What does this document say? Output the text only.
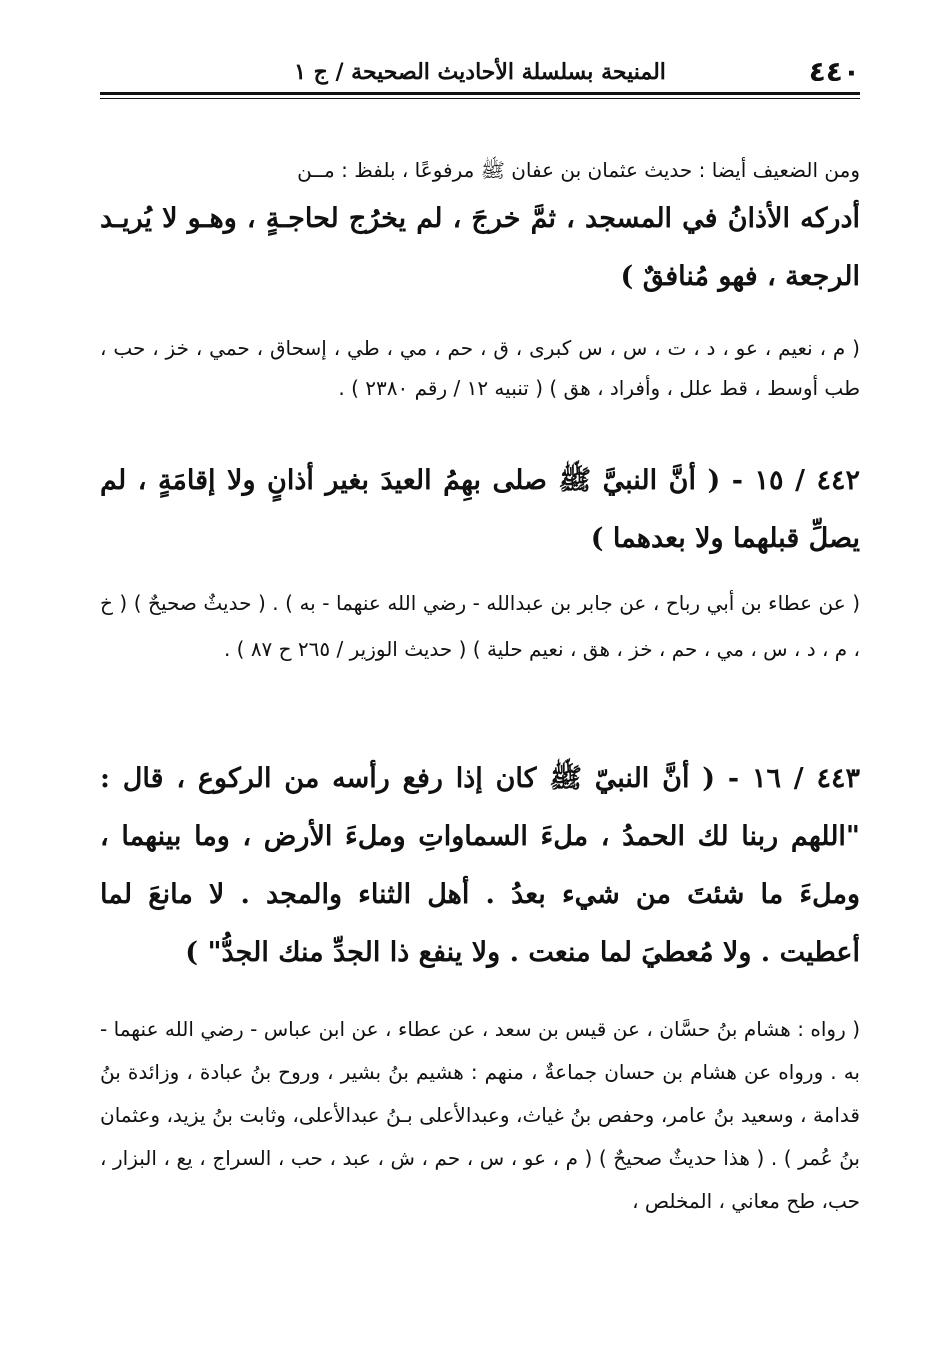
٤٤٠
المنيحة بسلسلة الأحاديث الصحيحة / ج ١

ومن الضعيف أيضا : حديث عثمان بن عفان ﷺ مرفوعًا ، بلفظ : مــن

أدركه الأذانُ في المسجد ، ثمَّ خرجَ ، لم يخرُج لحاجـةٍ ، وهـو لا يُريـد الرجعة ، فهو مُنافقٌ )

( م ، نعيم ، عو ، د ، ت ، س ، س كبرى ، ق ، حم ، مي ، طي ، إسحاق ، حمي ، خز ، حب ، طب أوسط ، قط علل ، وأفراد ، هق ) ( تنبيه ١٢ / رقم ٢٣٨٠ ) .

٤٤٢ / ١٥ - ( أنَّ النبيَّ ﷺ صلى بهِمُ العيدَ بغير أذانٍ ولا إقامَةٍ ، لم يصلِّ قبلهما ولا بعدهما )

( عن عطاء بن أبي رباح ، عن جابر بن عبدالله - رضي الله عنهما - به ) . ( حديثٌ صحيحٌ ) ( خ ، م ، د ، س ، مي ، حم ، خز ، هق ، نعيم حلية ) ( حديث الوزير / ٢٦٥ ح ٨٧ ) .

٤٤٣ / ١٦ - ( أنَّ النبيّ ﷺ كان إذا رفع رأسه من الركوع ، قال : "اللهم ربنا لك الحمدُ ، ملءَ السماواتِ وملءَ الأرض ، وما بينهما ، وملءَ ما شئتَ من شيء بعدُ . أهل الثناء والمجد . لا مانعَ لما أعطيت . ولا مُعطيَ لما منعت . ولا ينفع ذا الجدِّ منك الجدُّ" )

( رواه : هشام بنُ حسَّان ، عن قيس بن سعد ، عن عطاء ، عن ابن عباس - رضي الله عنهما - به . ورواه عن هشام بن حسان جماعةٌ ، منهم : هشيم بنُ بشير ، وروح بنُ عبادة ، وزائدة بنُ قدامة ، وسعيد بنُ عامر، وحفص بنُ غياث، وعبدالأعلى بـنُ عبدالأعلى، وثابت بنُ يزيد، وعثمان بنُ عُمر ) . ( هذا حديثٌ صحيحٌ ) ( م ، عو ، س ، حم ، ش ، عبد ، حب ، السراج ، يع ، البزار ، حب، طح معاني ، المخلص ،
